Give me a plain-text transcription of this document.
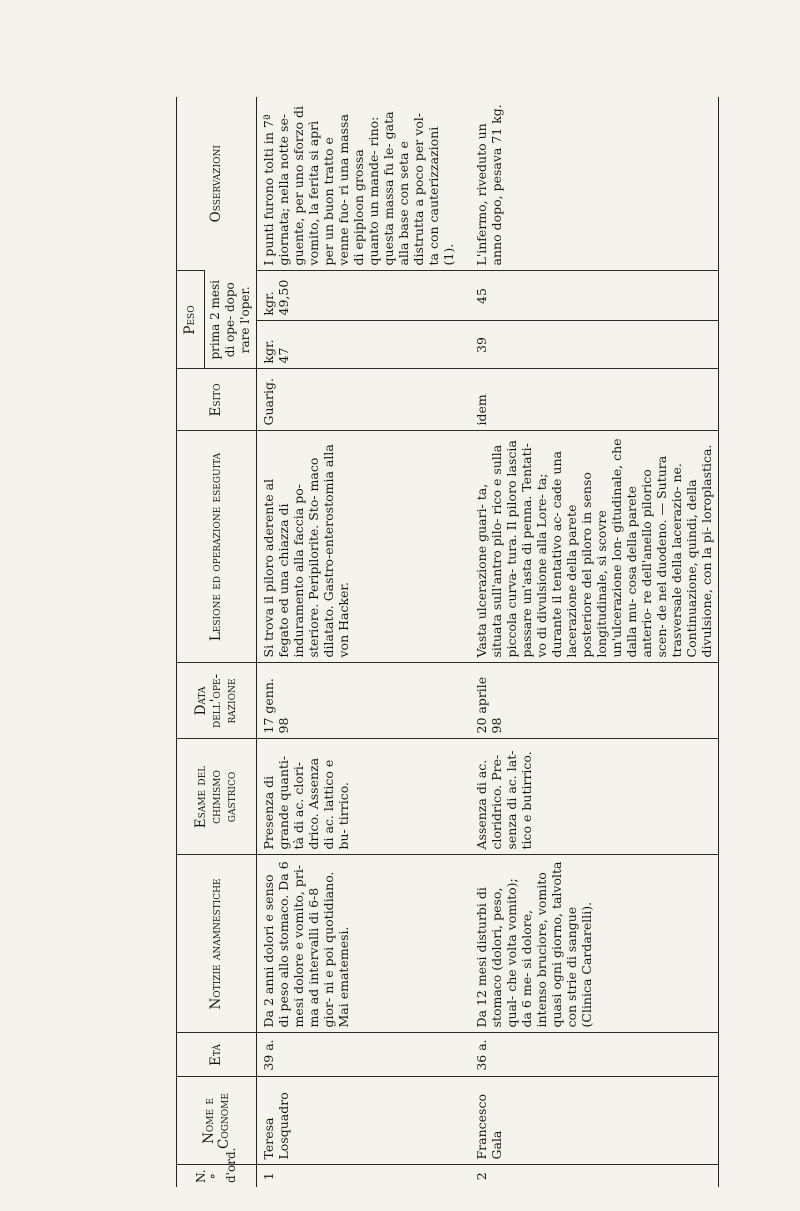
N.° d'ord.	Nome e Cognome	Età	Notizie anamnestiche	Esame del chimismo gastrico	Data dell'ope- razione	Lesione ed operazione eseguita	Esito	Peso		Osservazioni
								prima 2 mesi di ope- dopo rare l'oper.		
1	Teresa Losquadro	39 a.	Da 2 anni dolori e senso di peso allo stomaco. Da 6 mesi dolore e vomito, pri- ma ad intervalli di 6-8 gior- ni e poi quotidiano. Mai ematemesi.	Presenza di grande quanti- tà di ac. clori- drico. Assenza di ac. lattico e bu- tirrico.	17 genn. 98	Si trova il piloro aderente al fegato ed una chiazza di induramento alla faccia po- steriore. Peripilorite. Sto- maco dilatato. Gastro-enterostomia alla von Hacker.	Guarig.	kgr. 47	kgr. 49,50	I punti furono tolti in 7ª giornata; nella notte se- guente, per uno sforzo di vomito, la ferita si aprì per un buon tratto e venne fuo- ri una massa di epiploon grossa quanto un mande- rino: questa massa fu le- gata alla base con seta e distrutta a poco per vol- ta con cauterizzazioni (1).
2	Francesco Gala	36 a.	Da 12 mesi disturbi di stomaco (dolori, peso, qual- che volta vomito); da 6 me- si dolore, intenso bruciore, vomito quasi ogni giorno, talvolta con strie di sangue (Clinica Cardarelli).	Assenza di ac. cloridrico. Pre- senza di ac. lat- tico e butirrico.	20 aprile 98	Vasta ulcerazione guari- ta, situata sull'antro pilo- rico e sulla piccola curva- tura. Il piloro lascia passare un'asta di penna. Tentati- vo di divulsione alla Lore- ta; durante il tentativo ac- cade una lacerazione della parete posteriore del piloro in senso longitudinale, si scovre un'ulcerazione lon- gitudinale, che dalla mu- cosa della parete anterio- re dell'anello pilorico scen- de nel duodeno. — Sutura trasversale della lacerazio- ne. Continuazione, quindi, della divulsione, con la pi- loroplastica.	idem	39	45	L'infermo, riveduto un anno dopo, pesava 71 kg.
